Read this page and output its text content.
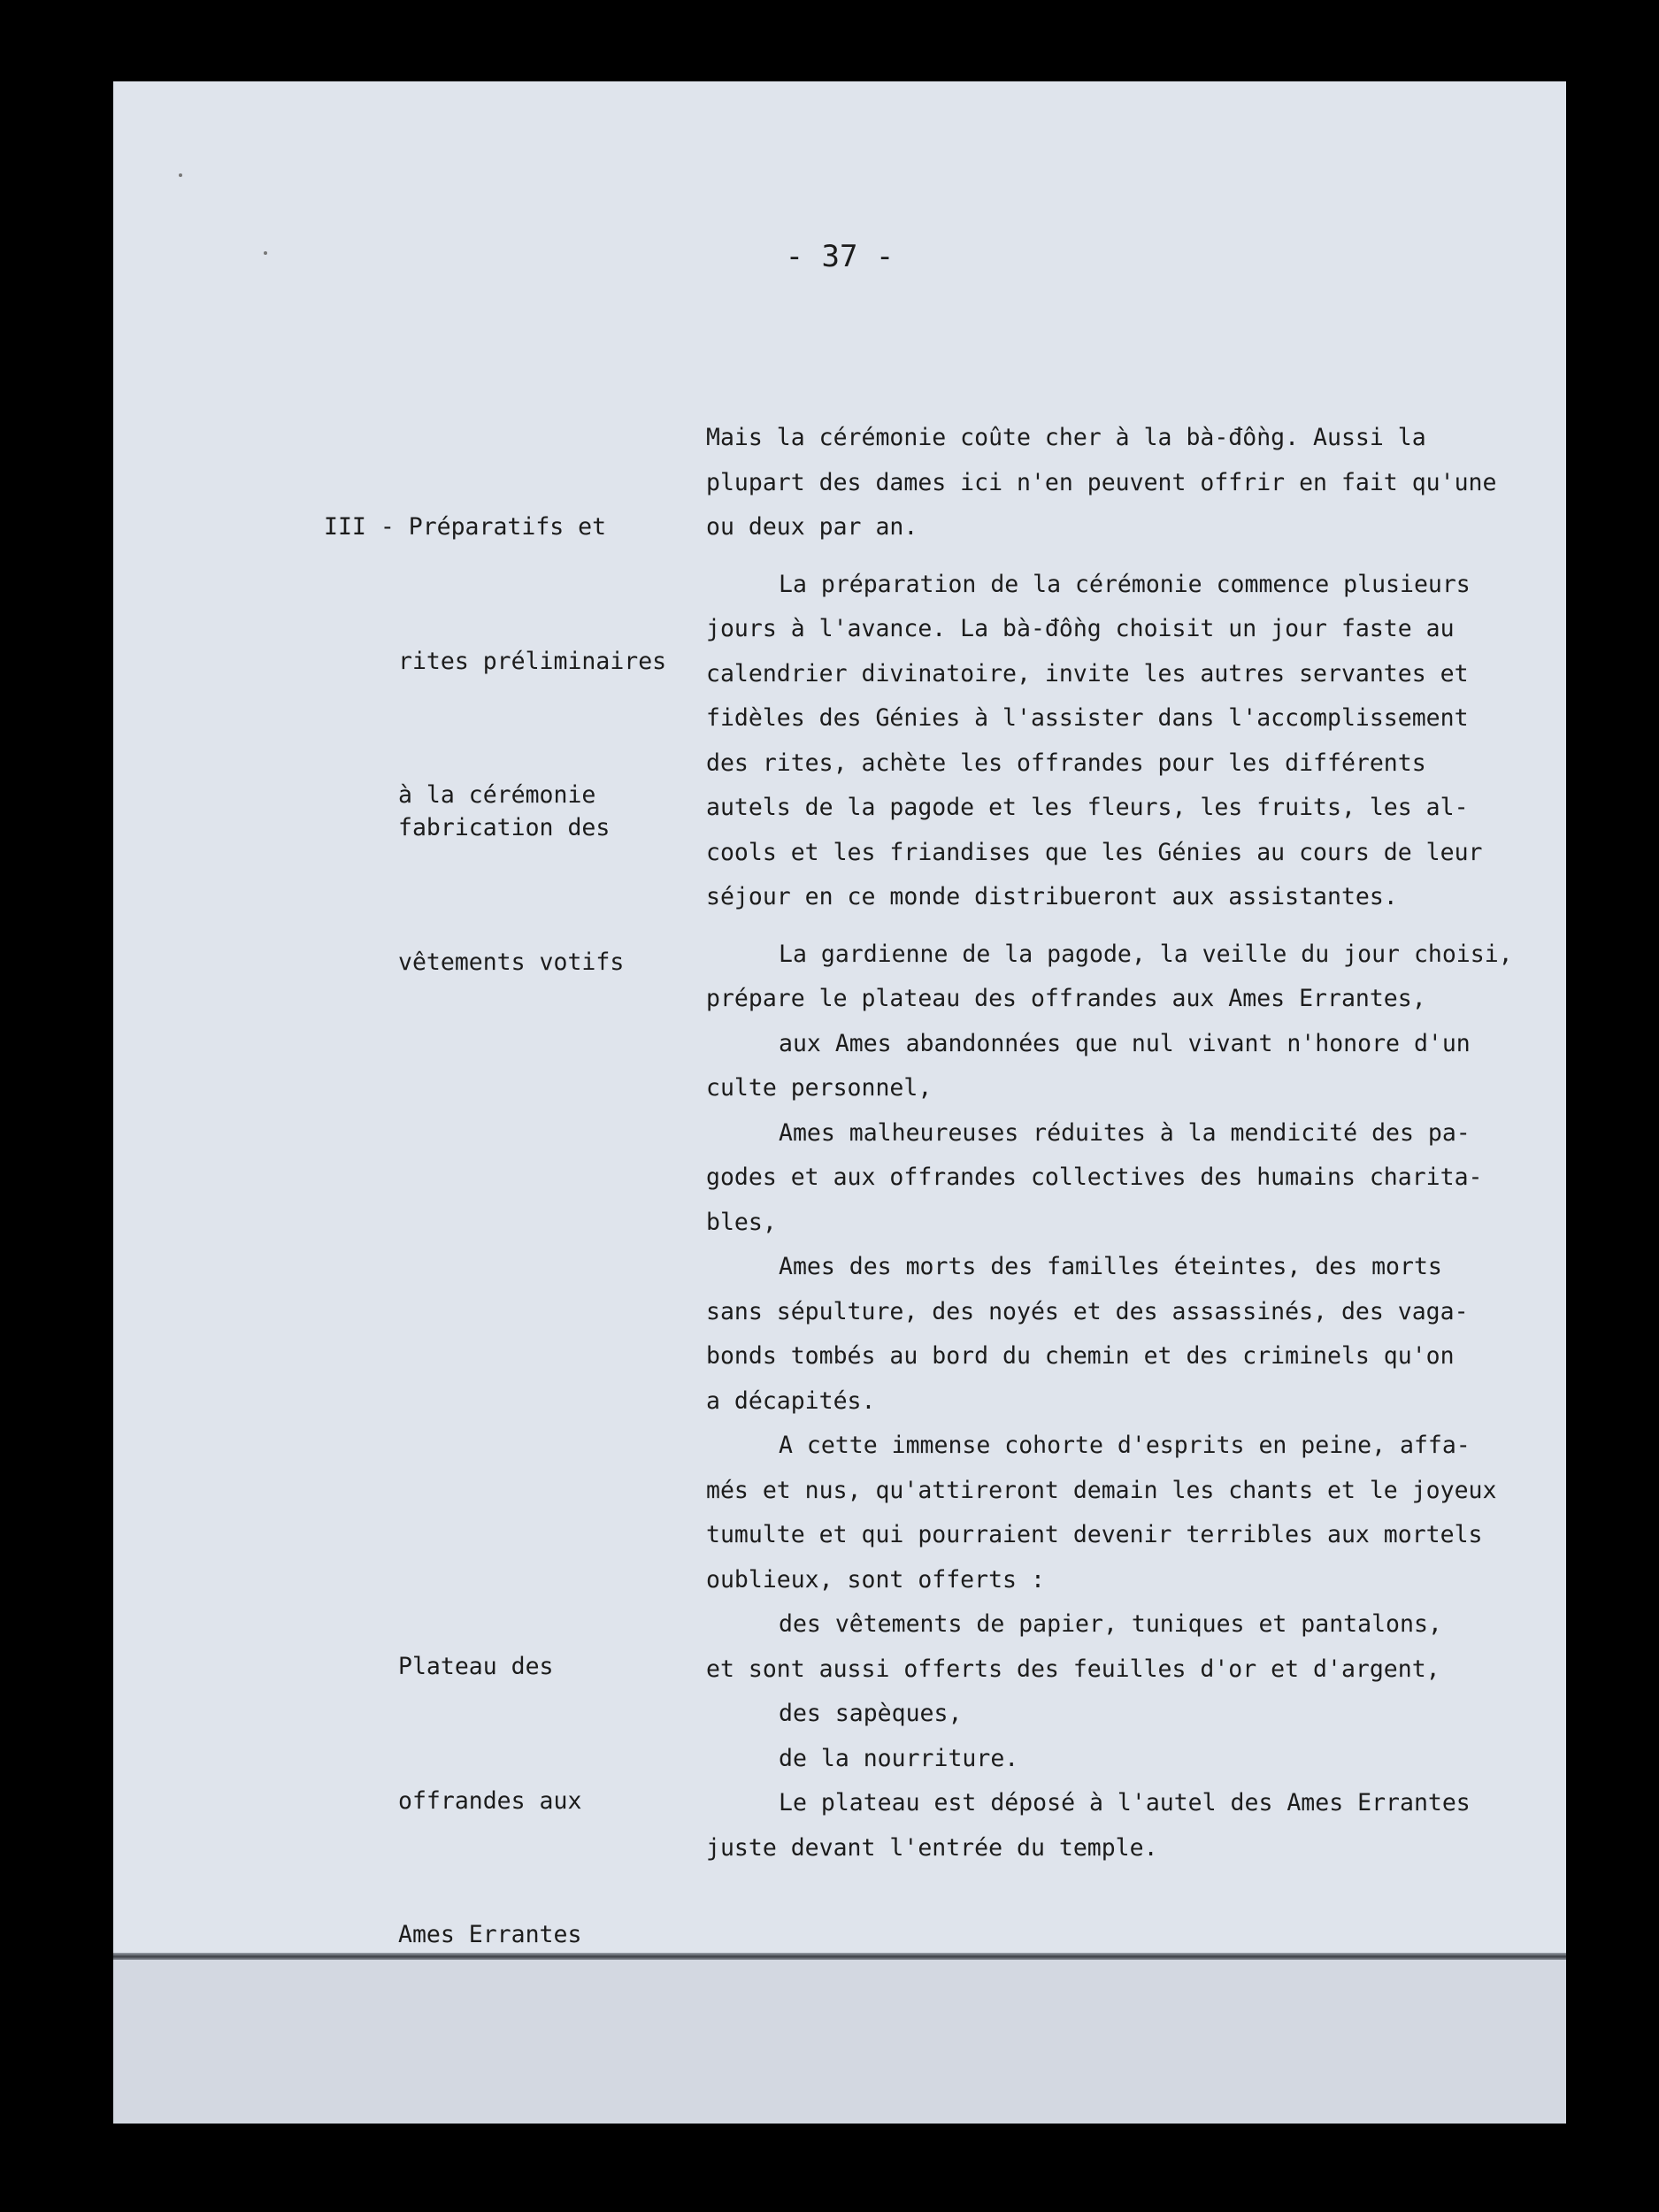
- 37 -

III - Préparatifs et

rites préliminaires

à la cérémonie

fabrication des

vêtements votifs

Plateau des

offrandes aux

Ames Errantes

Mais la cérémonie coûte cher à la bà-đồng. Aussi la
plupart des dames ici n'en peuvent offrir en fait qu'une
ou deux par an.
La préparation de la cérémonie commence plusieurs
jours à l'avance. La bà-đồng choisit un jour faste au
calendrier divinatoire, invite les autres servantes et
fidèles des Génies à l'assister dans l'accomplissement
des rites, achète les offrandes pour les différents
autels de la pagode et les fleurs, les fruits, les al-
cools et les friandises que les Génies au cours de leur
séjour en ce monde distribueront aux assistantes.
La gardienne de la pagode, la veille du jour choisi,
prépare le plateau des offrandes aux Ames Errantes,
aux Ames abandonnées que nul vivant n'honore d'un
culte personnel,
Ames malheureuses réduites à la mendicité des pa-
godes et aux offrandes collectives des humains charita-
bles,
Ames des morts des familles éteintes, des morts
sans sépulture, des noyés et des assassinés, des vaga-
bonds tombés au bord du chemin et des criminels qu'on
a décapités.
A cette immense cohorte d'esprits en peine, affa-
més et nus, qu'attireront demain les chants et le joyeux
tumulte et qui pourraient devenir terribles aux mortels
oublieux, sont offerts :
des vêtements de papier, tuniques et pantalons,
et sont aussi offerts des feuilles d'or et d'argent,
des sapèques,
de la nourriture.
Le plateau est déposé à l'autel des Ames Errantes
juste devant l'entrée du temple.
